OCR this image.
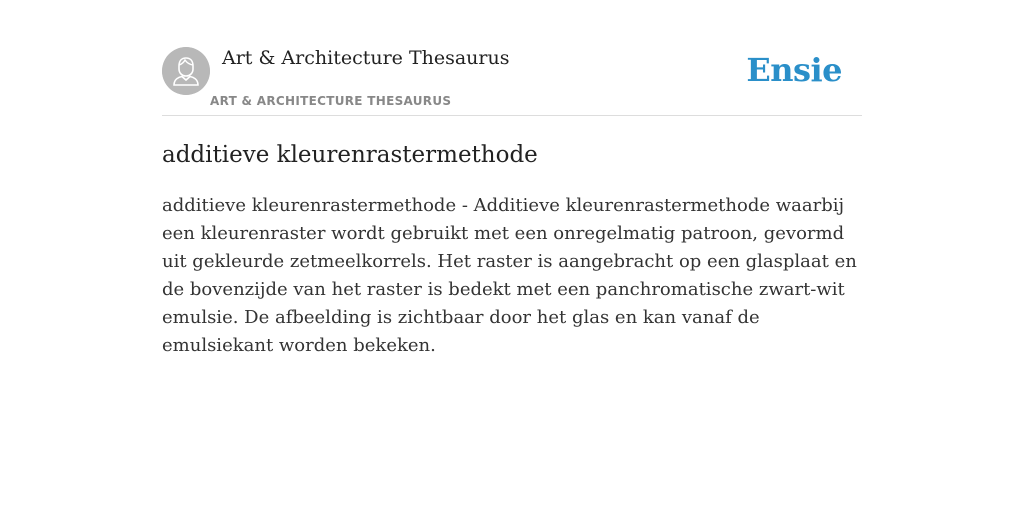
Art & Architecture Thesaurus
ART & ARCHITECTURE THESAURUS
Ensie
additieve kleurenrastermethode

additieve kleurenrastermethode - Additieve kleurenrastermethode waarbij een kleurenraster wordt gebruikt met een onregelmatig patroon, gevormd uit gekleurde zetmeelkorrels. Het raster is aangebracht op een glasplaat en de bovenzijde van het raster is bedekt met een panchromatische zwart-wit emulsie. De afbeelding is zichtbaar door het glas en kan vanaf de emulsiekant worden bekeken.
